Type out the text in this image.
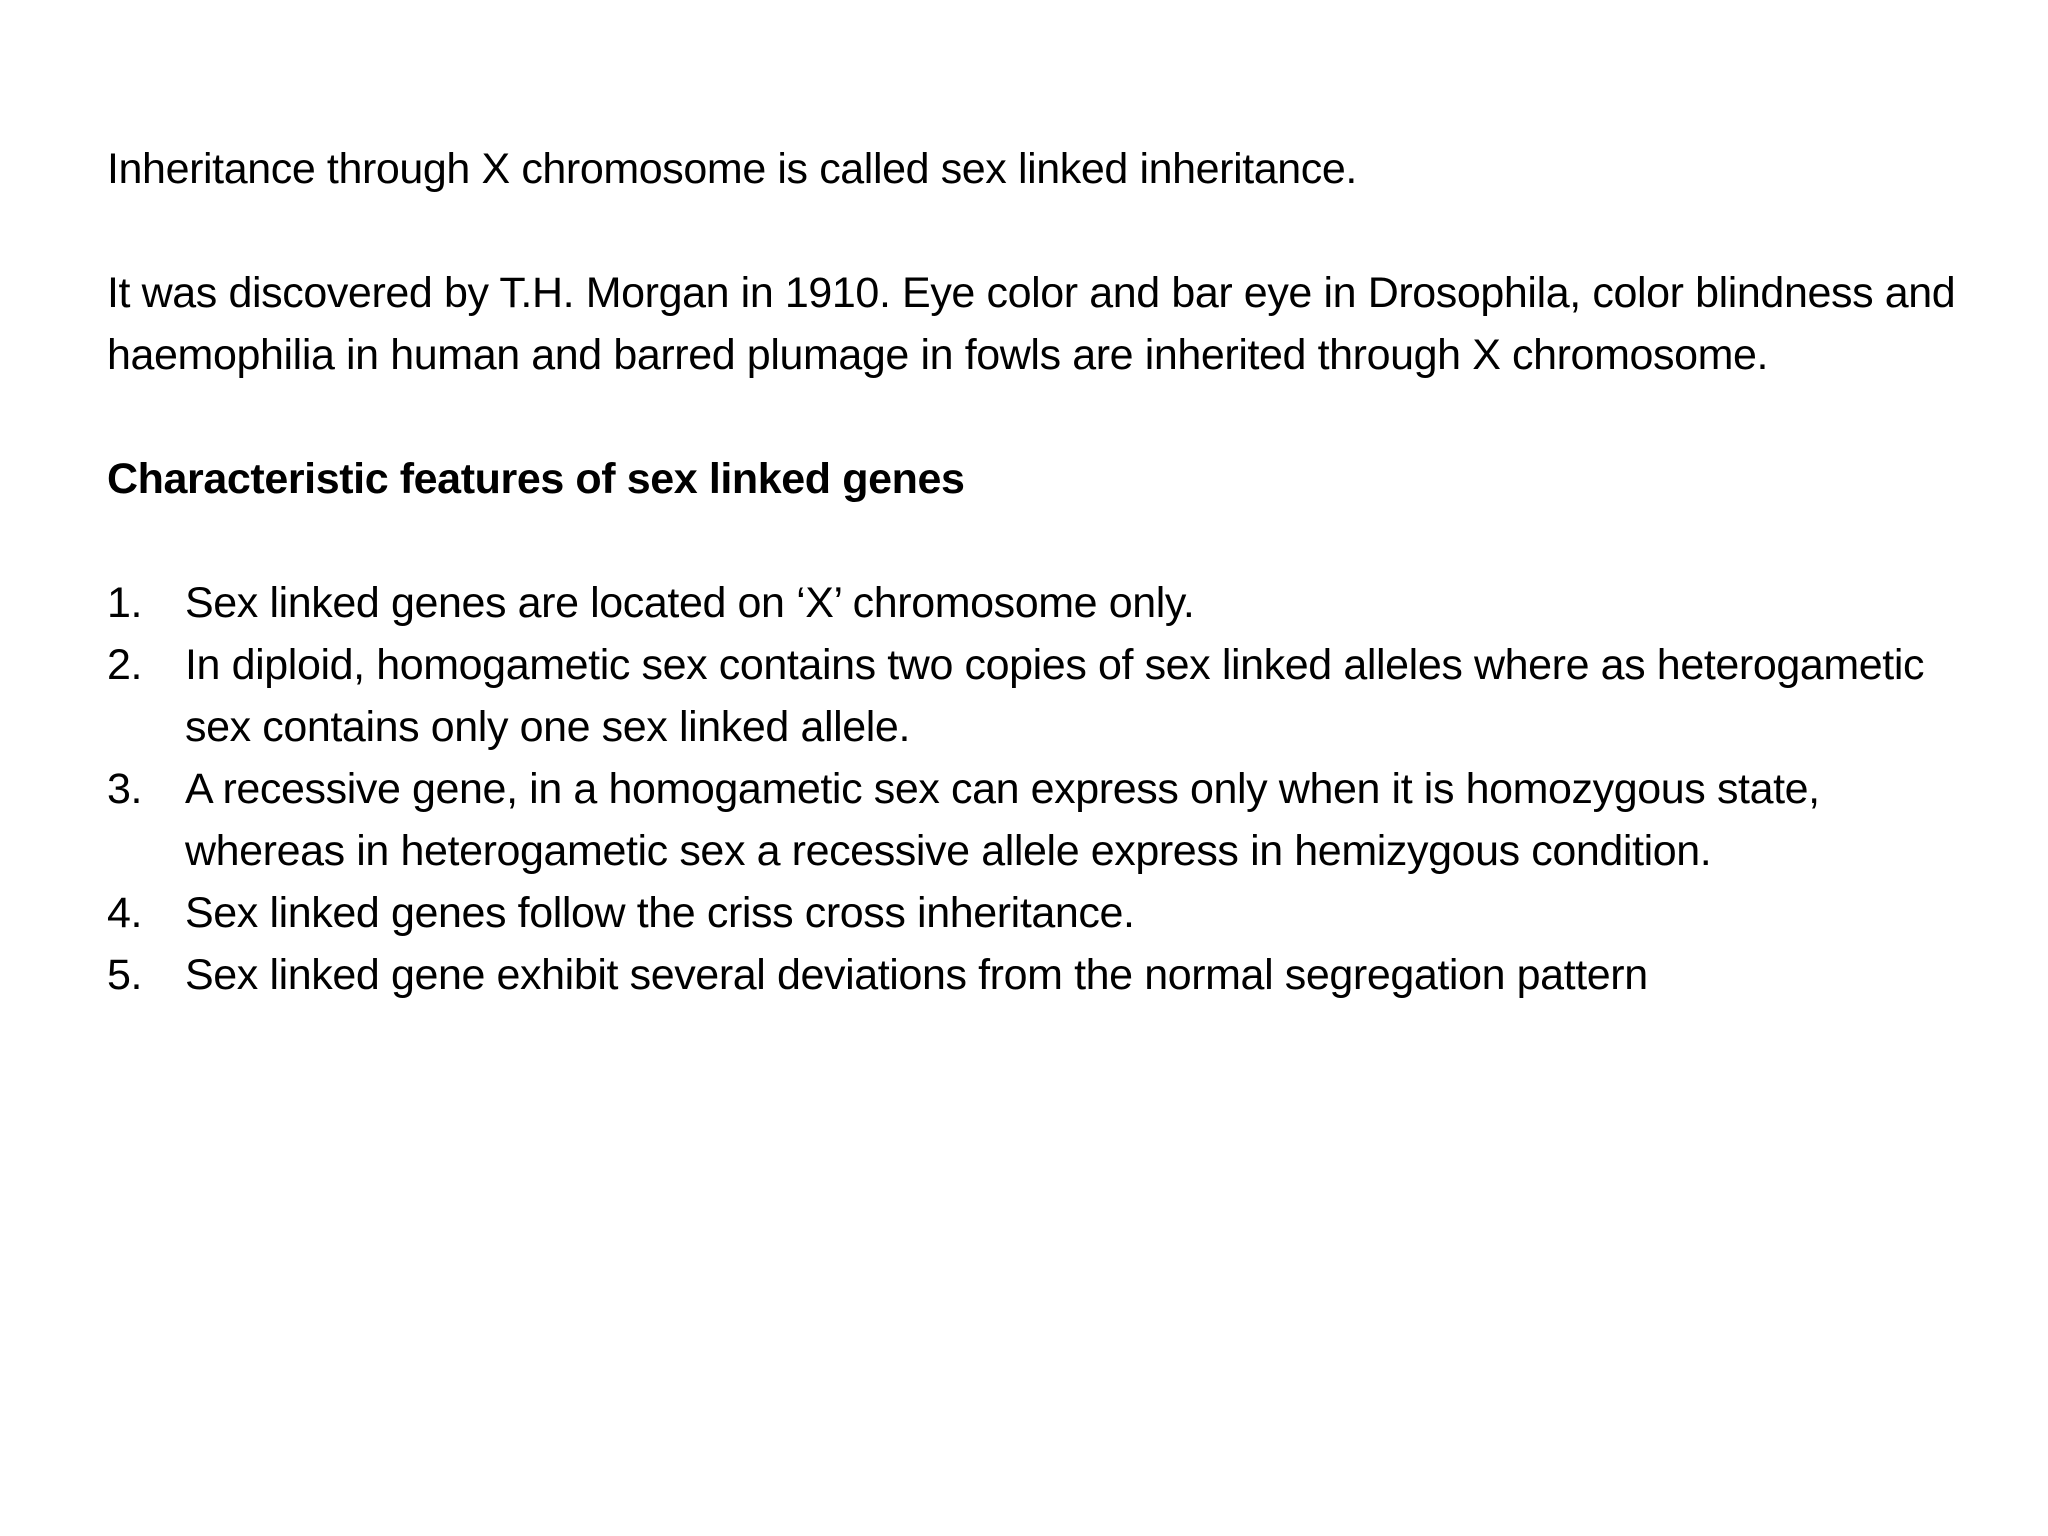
Inheritance through X chromosome is called sex linked inheritance.

It was discovered by T.H. Morgan in 1910. Eye color and bar eye in Drosophila, color blindness and haemophilia in human and barred plumage in fowls are inherited through X chromosome.

Characteristic features of sex linked genes

1. Sex linked genes are located on ‘X’ chromosome only.
2. In diploid, homogametic sex contains two copies of sex linked alleles where as heterogametic sex contains only one sex linked allele.
3. A recessive gene, in a homogametic sex can express only when it is homozygous state, whereas in heterogametic sex a recessive allele express in hemizygous condition.
4. Sex linked genes follow the criss cross inheritance.
5. Sex linked gene exhibit several deviations from the normal segregation pattern
